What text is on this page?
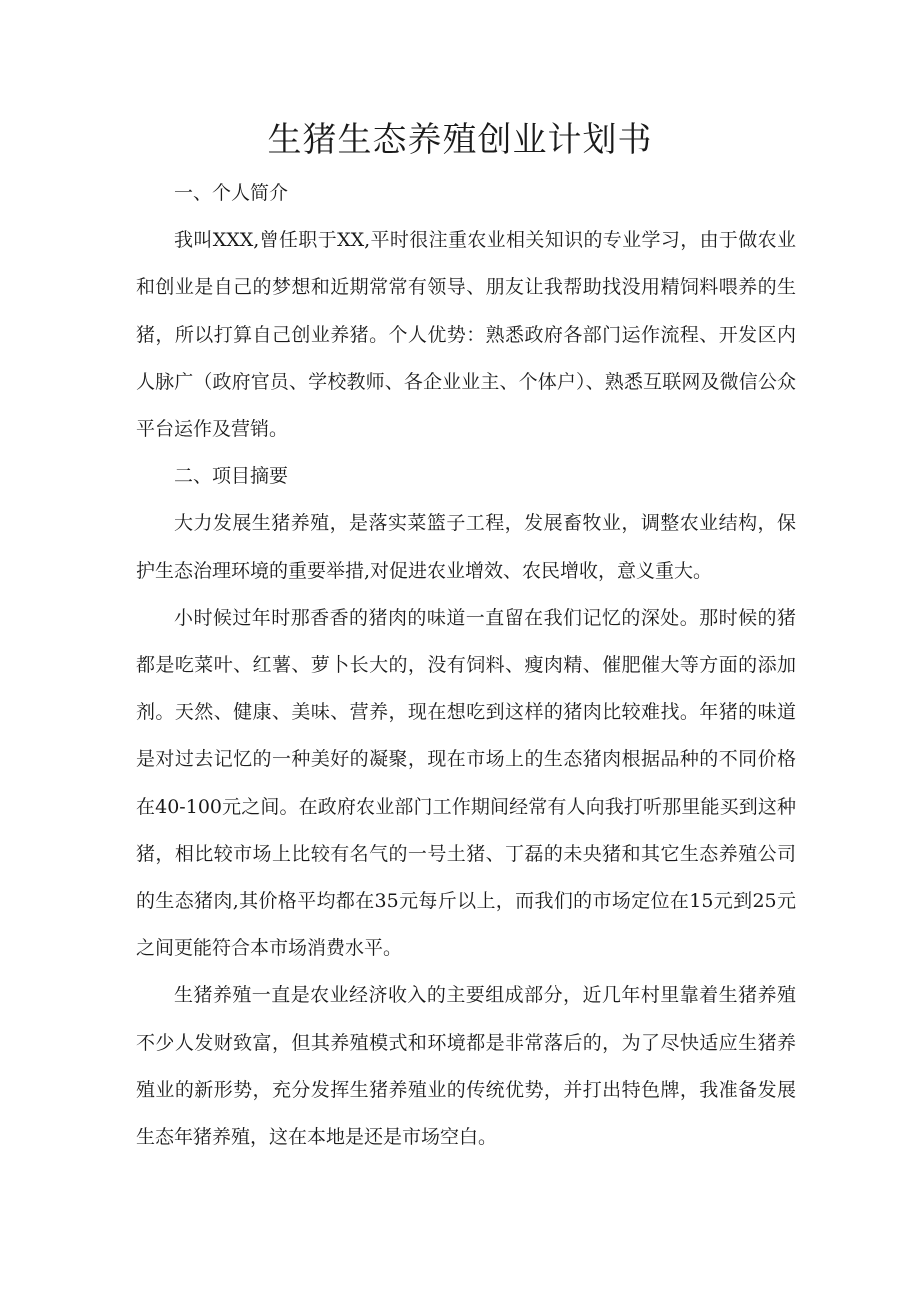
生猪生态养殖创业计划书
一、个人简介

我叫XXX,曾任职于XX,平时很注重农业相关知识的专业学习，由于做农业和创业是自己的梦想和近期常常有领导、朋友让我帮助找没用精饲料喂养的生猪，所以打算自己创业养猪。个人优势：熟悉政府各部门运作流程、开发区内人脉广（政府官员、学校教师、各企业业主、个体户）、熟悉互联网及微信公众平台运作及营销。

二、项目摘要

大力发展生猪养殖，是落实菜篮子工程，发展畜牧业，调整农业结构，保护生态治理环境的重要举措,对促进农业增效、农民增收，意义重大。

小时候过年时那香香的猪肉的味道一直留在我们记忆的深处。那时候的猪都是吃菜叶、红薯、萝卜长大的，没有饲料、瘦肉精、催肥催大等方面的添加剂。天然、健康、美味、营养，现在想吃到这样的猪肉比较难找。年猪的味道是对过去记忆的一种美好的凝聚，现在市场上的生态猪肉根据品种的不同价格在40-100元之间。在政府农业部门工作期间经常有人向我打听那里能买到这种猪，相比较市场上比较有名气的一号土猪、丁磊的未央猪和其它生态养殖公司的生态猪肉,其价格平均都在35元每斤以上，而我们的市场定位在15元到25元之间更能符合本市场消费水平。

生猪养殖一直是农业经济收入的主要组成部分，近几年村里靠着生猪养殖不少人发财致富，但其养殖模式和环境都是非常落后的，为了尽快适应生猪养殖业的新形势，充分发挥生猪养殖业的传统优势，并打出特色牌，我准备发展生态年猪养殖，这在本地是还是市场空白。
